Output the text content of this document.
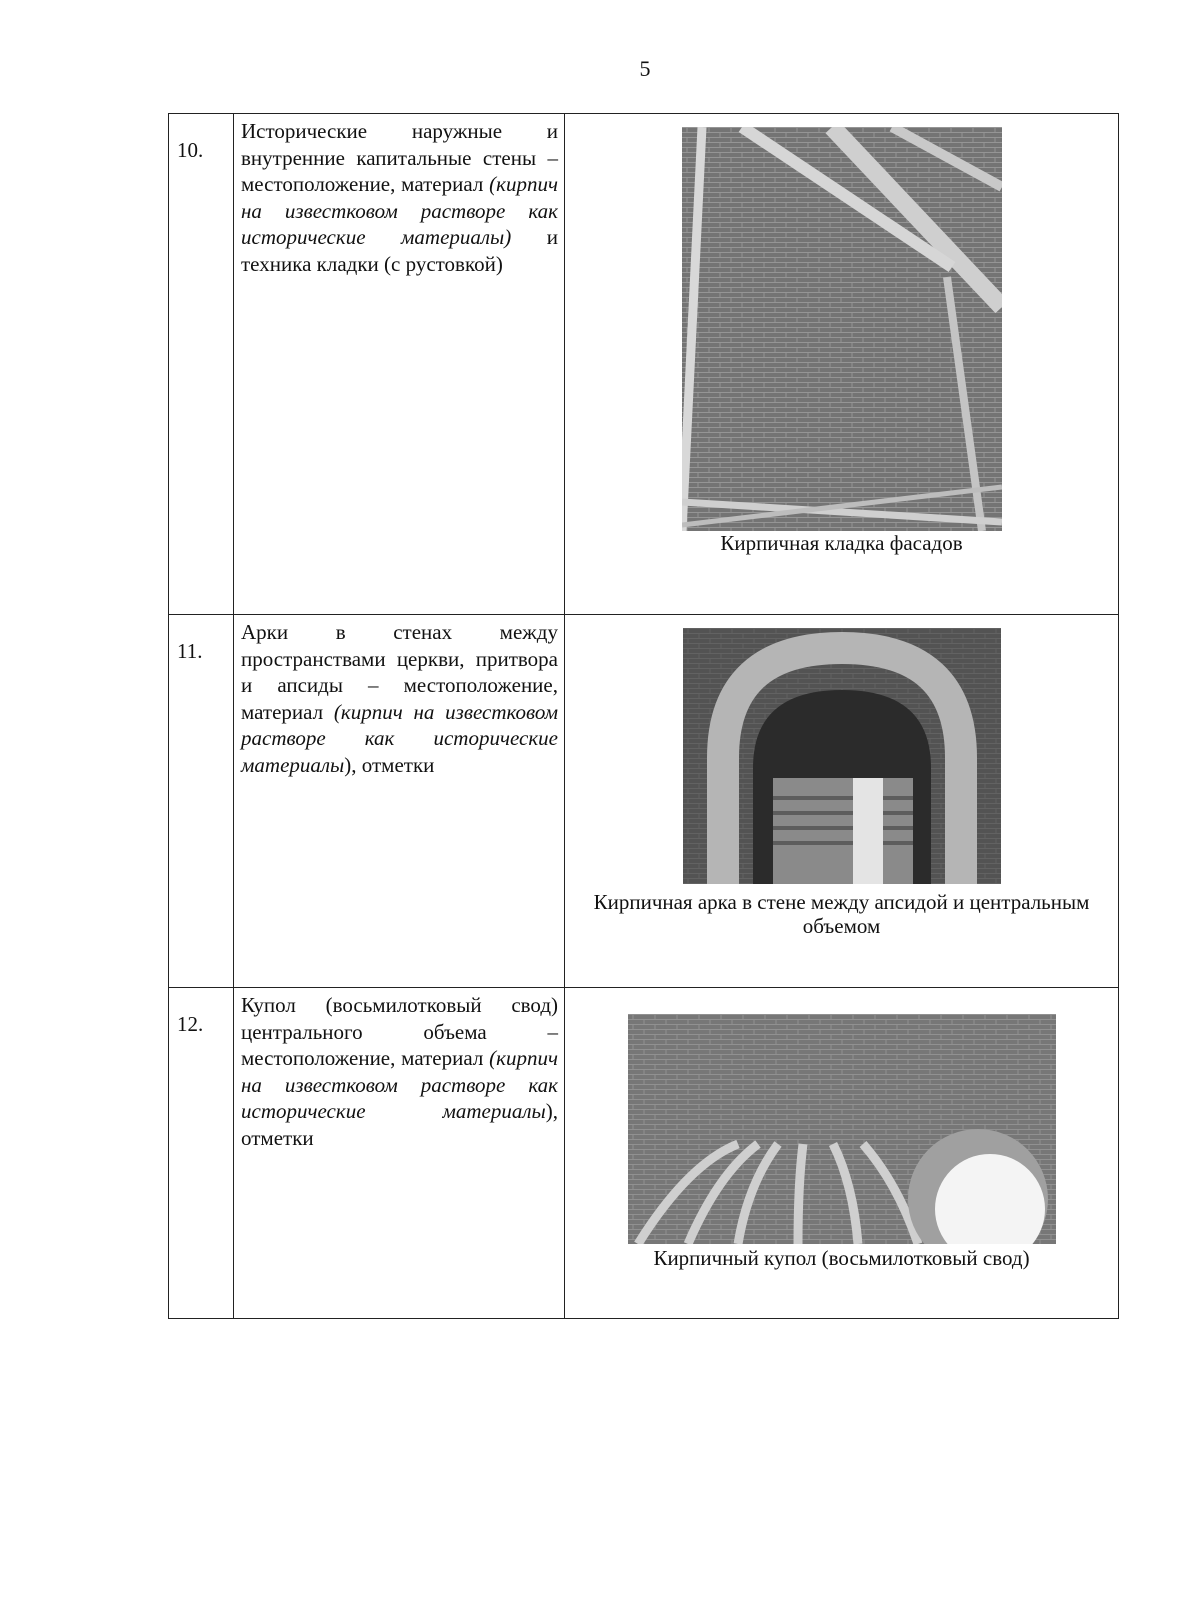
5
10.	Исторические наружные и внутренние капитальные стены – местоположение, материал (кирпич на известковом растворе как исторические материалы) и техника кладки (с рустовкой)	Кирпичная кладка фасадов

11.	Арки в стенах между пространствами церкви, притвора и апсиды – местоположение, материал (кирпич на известковом растворе как исторические материалы), отметки	Кирпичная арка в стене между апсидой и центральным объемом

12.	Купол (восьмилотковый свод) центрального объема – местоположение, материал (кирпич на известковом растворе как исторические материалы), отметки	Кирпичный купол (восьмилотковый свод)
